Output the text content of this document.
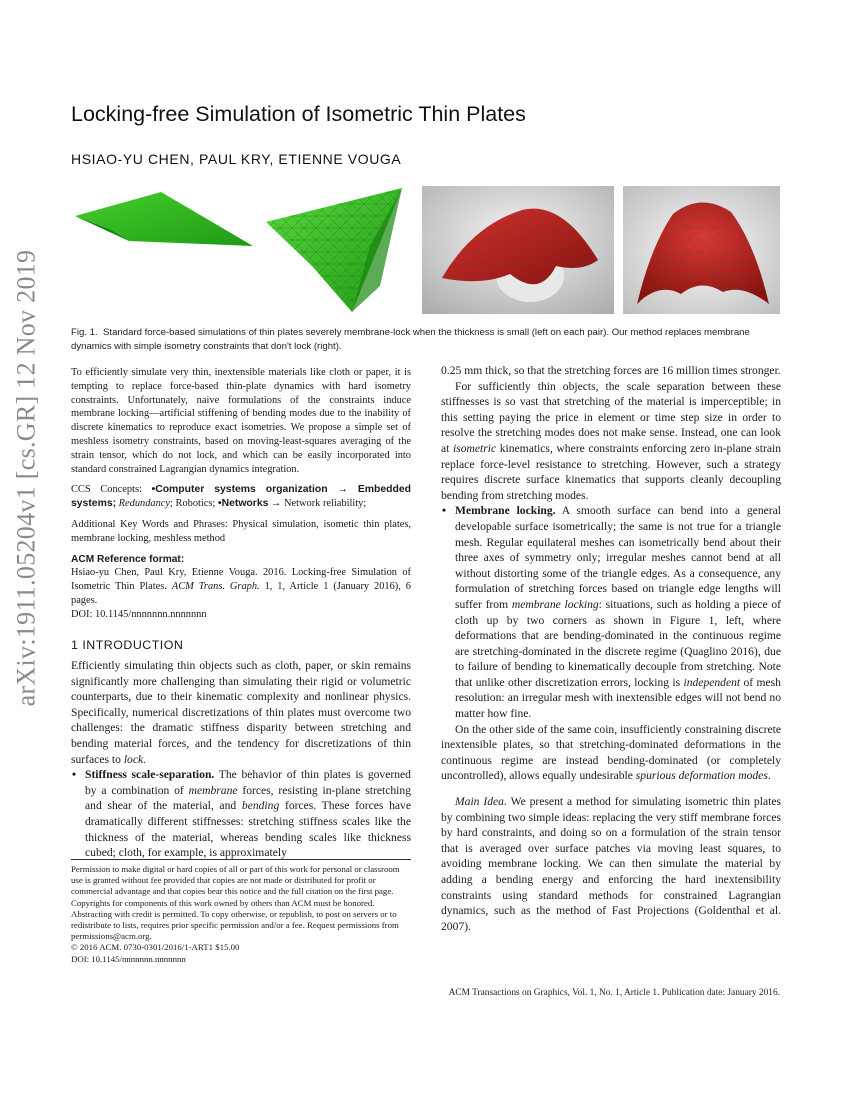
arXiv:1911.05204v1 [cs.GR] 12 Nov 2019
Locking-free Simulation of Isometric Thin Plates
HSIAO-YU CHEN, PAUL KRY, ETIENNE VOUGA
Fig. 1. Standard force-based simulations of thin plates severely membrane-lock when the thickness is small (left on each pair). Our method replaces membrane dynamics with simple isometry constraints that don't lock (right).

To efficiently simulate very thin, inextensible materials like cloth or paper, it is tempting to replace force-based thin-plate dynamics with hard isometry constraints. Unfortunately, naive formulations of the constraints induce membrane locking—artificial stiffening of bending modes due to the inability of discrete kinematics to reproduce exact isometries. We propose a simple set of meshless isometry constraints, based on moving-least-squares averaging of the strain tensor, which do not lock, and which can be easily incorporated into standard constrained Lagrangian dynamics integration.

CCS Concepts: •Computer systems organization → Embedded systems; Redundancy; Robotics; •Networks → Network reliability;

Additional Key Words and Phrases: Physical simulation, isometic thin plates, membrane locking, meshless method

ACM Reference format:

Hsiao-yu Chen, Paul Kry, Etienne Vouga. 2016. Locking-free Simulation of Isometric Thin Plates. ACM Trans. Graph. 1, 1, Article 1 (January 2016), 6 pages.

DOI: 10.1145/nnnnnnn.nnnnnnn

1 INTRODUCTION

Efficiently simulating thin objects such as cloth, paper, or skin remains significantly more challenging than simulating their rigid or volumetric counterparts, due to their kinematic complexity and nonlinear physics. Specifically, numerical discretizations of thin plates must overcome two challenges: the dramatic stiffness disparity between stretching and bending material forces, and the tendency for discretizations of thin surfaces to lock.

• Stiffness scale-separation. The behavior of thin plates is governed by a combination of membrane forces, resisting in-plane stretching and shear of the material, and bending forces. These forces have dramatically different stiffnesses: stretching stiffness scales like the thickness of the material, whereas bending scales like thickness cubed; cloth, for example, is approximately

Permission to make digital or hard copies of all or part of this work for personal or classroom use is granted without fee provided that copies are not made or distributed for profit or commercial advantage and that copies bear this notice and the full citation on the first page. Copyrights for components of this work owned by others than ACM must be honored. Abstracting with credit is permitted. To copy otherwise, or republish, to post on servers or to redistribute to lists, requires prior specific permission and/or a fee. Request permissions from permissions@acm.org.

© 2016 ACM. 0730-0301/2016/1-ART1 $15.00

DOI: 10.1145/nnnnnnn.nnnnnnn

0.25 mm thick, so that the stretching forces are 16 million times stronger.

For sufficiently thin objects, the scale separation between these stiffnesses is so vast that stretching of the material is imperceptible; in this setting paying the price in element or time step size in order to resolve the stretching modes does not make sense. Instead, one can look at isometric kinematics, where constraints enforcing zero in-plane strain replace force-level resistance to stretching. However, such a strategy requires discrete surface kinematics that supports cleanly decoupling bending from stretching modes.

• Membrane locking. A smooth surface can bend into a general developable surface isometrically; the same is not true for a triangle mesh. Regular equilateral meshes can isometrically bend about their three axes of symmetry only; irregular meshes cannot bend at all without distorting some of the triangle edges. As a consequence, any formulation of stretching forces based on triangle edge lengths will suffer from membrane locking: situations, such as holding a piece of cloth up by two corners as shown in Figure 1, left, where deformations that are bending-dominated in the continuous regime are stretching-dominated in the discrete regime (Quaglino 2016), due to failure of bending to kinematically decouple from stretching. Note that unlike other discretization errors, locking is independent of mesh resolution: an irregular mesh with inextensible edges will not bend no matter how fine.

On the other side of the same coin, insufficiently constraining discrete inextensible plates, so that stretching-dominated deformations in the continuous regime are instead bending-dominated (or completely uncontrolled), allows equally undesirable spurious deformation modes.

Main Idea. We present a method for simulating isometric thin plates by combining two simple ideas: replacing the very stiff membrane forces by hard constraints, and doing so on a formulation of the strain tensor that is averaged over surface patches via moving least squares, to avoiding membrane locking. We can then simulate the material by adding a bending energy and enforcing the hard inextensibility constraints using standard methods for constrained Lagrangian dynamics, such as the method of Fast Projections (Goldenthal et al. 2007).

ACM Transactions on Graphics, Vol. 1, No. 1, Article 1. Publication date: January 2016.
